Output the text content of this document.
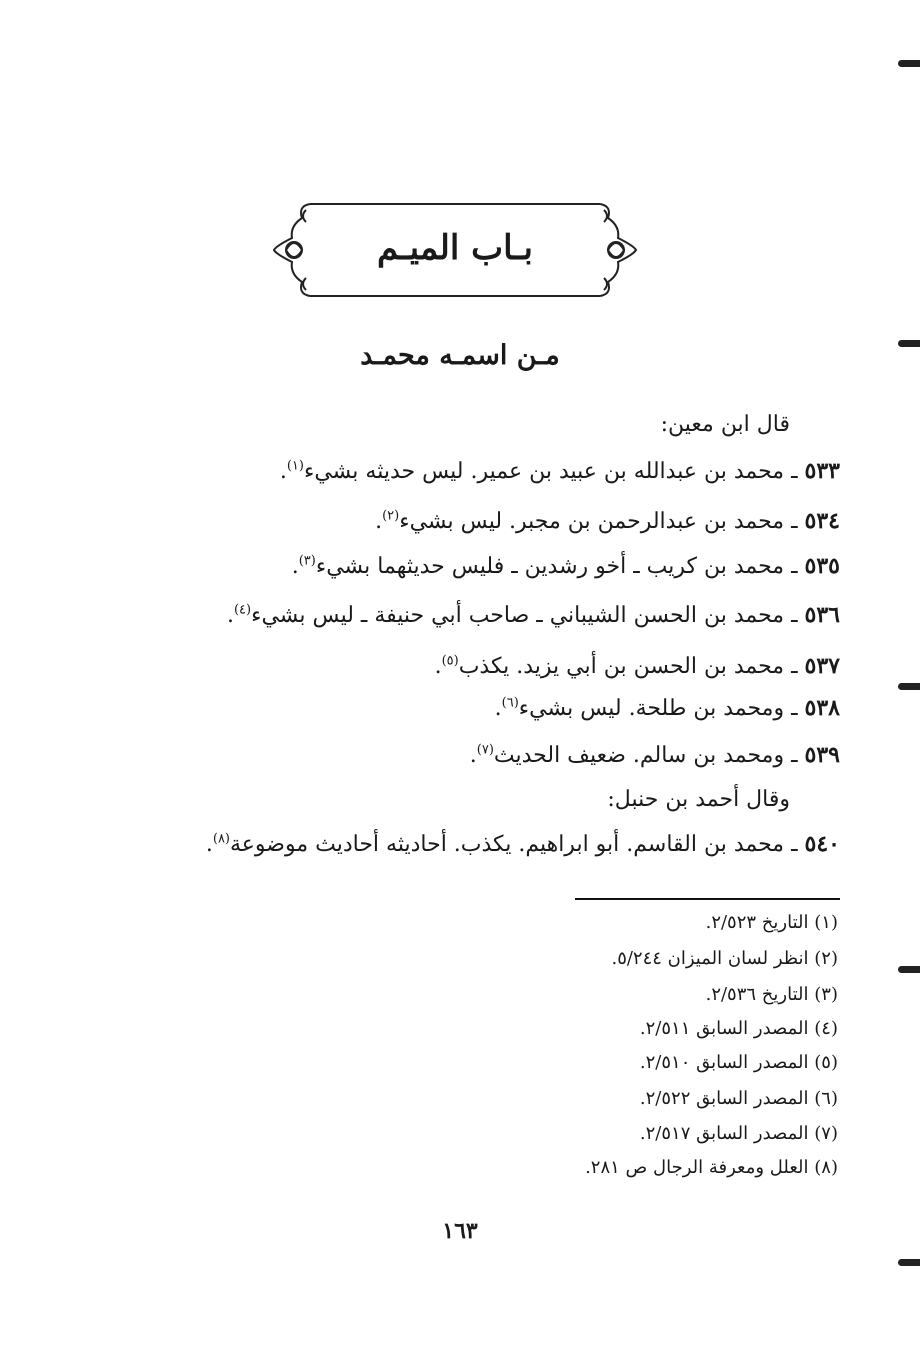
بـاب الميـم
مـن اسمـه محمـد
قال ابن معين:
٥٣٣ ـ محمد بن عبدالله بن عبيد بن عمير. ليس حديثه بشيء$^{(١)}$.
٥٣٤ ـ محمد بن عبدالرحمن بن مجبر. ليس بشيء$^{(٢)}$.
٥٣٥ ـ محمد بن كريب ـ أخو رشدين ـ فليس حديثهما بشيء$^{(٣)}$.
٥٣٦ ـ محمد بن الحسن الشيباني ـ صاحب أبي حنيفة ـ ليس بشيء$^{(٤)}$.
٥٣٧ ـ محمد بن الحسن بن أبي يزيد. يكذب$^{(٥)}$.
٥٣٨ ـ ومحمد بن طلحة. ليس بشيء$^{(٦)}$.
٥٣٩ ـ ومحمد بن سالم. ضعيف الحديث$^{(٧)}$.
وقال أحمد بن حنبل:
٥٤٠ ـ محمد بن القاسم. أبو ابراهيم. يكذب. أحاديثه أحاديث موضوعة$^{(٨)}$.
(١) التاريخ ٢/٥٢٣.
(٢) انظر لسان الميزان ٥/٢٤٤.
(٣) التاريخ ٢/٥٣٦.
(٤) المصدر السابق ٢/٥١١.
(٥) المصدر السابق ٢/٥١٠.
(٦) المصدر السابق ٢/٥٢٢.
(٧) المصدر السابق ٢/٥١٧.
(٨) العلل ومعرفة الرجال ص ٢٨١.
١٦٣
